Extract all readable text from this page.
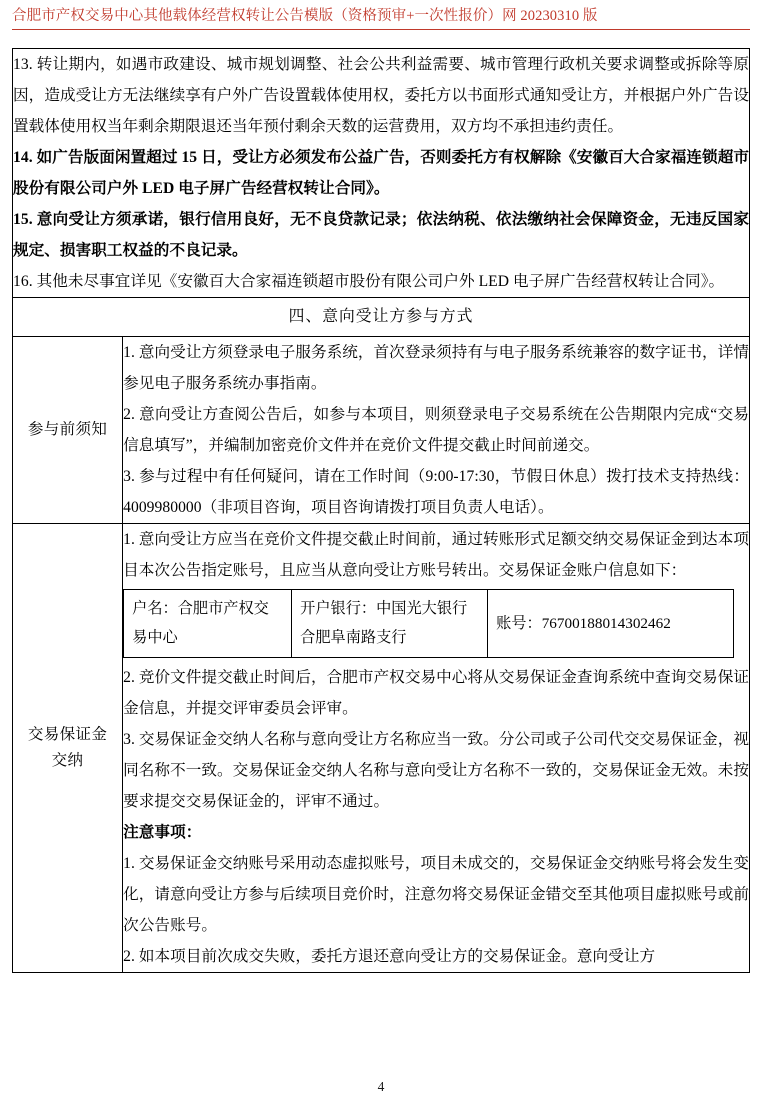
合肥市产权交易中心其他载体经营权转让公告模版（资格预审+一次性报价）网 20230310 版

13. 转让期内，如遇市政建设、城市规划调整、社会公共利益需要、城市管理行政机关要求调整或拆除等原因，造成受让方无法继续享有户外广告设置载体使用权，委托方以书面形式通知受让方，并根据户外广告设置载体使用权当年剩余期限退还当年预付剩余天数的运营费用，双方均不承担违约责任。

14. 如广告版面闲置超过 15 日，受让方必须发布公益广告，否则委托方有权解除《安徽百大合家福连锁超市股份有限公司户外 LED 电子屏广告经营权转让合同》。

15. 意向受让方须承诺，银行信用良好，无不良贷款记录；依法纳税、依法缴纳社会保障资金，无违反国家规定、损害职工权益的不良记录。

16. 其他未尽事宜详见《安徽百大合家福连锁超市股份有限公司户外 LED 电子屏广告经营权转让合同》。

四、意向受让方参与方式

参与前须知	

1. 意向受让方须登录电子服务系统，首次登录须持有与电子服务系统兼容的数字证书，详情参见电子服务系统办事指南。

2. 意向受让方查阅公告后，如参与本项目，则须登录电子交易系统在公告期限内完成“交易信息填写”，并编制加密竞价文件并在竞价文件提交截止时间前递交。

3. 参与过程中有任何疑问，请在工作时间（9:00-17:30，节假日休息）拨打技术支持热线：4009980000（非项目咨询，项目咨询请拨打项目负责人电话）。

交易保证金
交纳

1. 意向受让方应当在竞价文件提交截止时间前，通过转账形式足额交纳交易保证金到达本项目本次公告指定账号，且应当从意向受让方账号转出。交易保证金账户信息如下：

户名：合肥市产权交易中心	开户银行：中国光大银行合肥阜南路支行	账号：76700188014302462

2. 竞价文件提交截止时间后，合肥市产权交易中心将从交易保证金查询系统中查询交易保证金信息，并提交评审委员会评审。

3. 交易保证金交纳人名称与意向受让方名称应当一致。分公司或子公司代交交易保证金，视同名称不一致。交易保证金交纳人名称与意向受让方名称不一致的，交易保证金无效。未按要求提交交易保证金的，评审不通过。

注意事项：

1. 交易保证金交纳账号采用动态虚拟账号，项目未成交的，交易保证金交纳账号将会发生变化，请意向受让方参与后续项目竞价时，注意勿将交易保证金错交至其他项目虚拟账号或前次公告账号。

2. 如本项目前次成交失败，委托方退还意向受让方的交易保证金。意向受让方

4
